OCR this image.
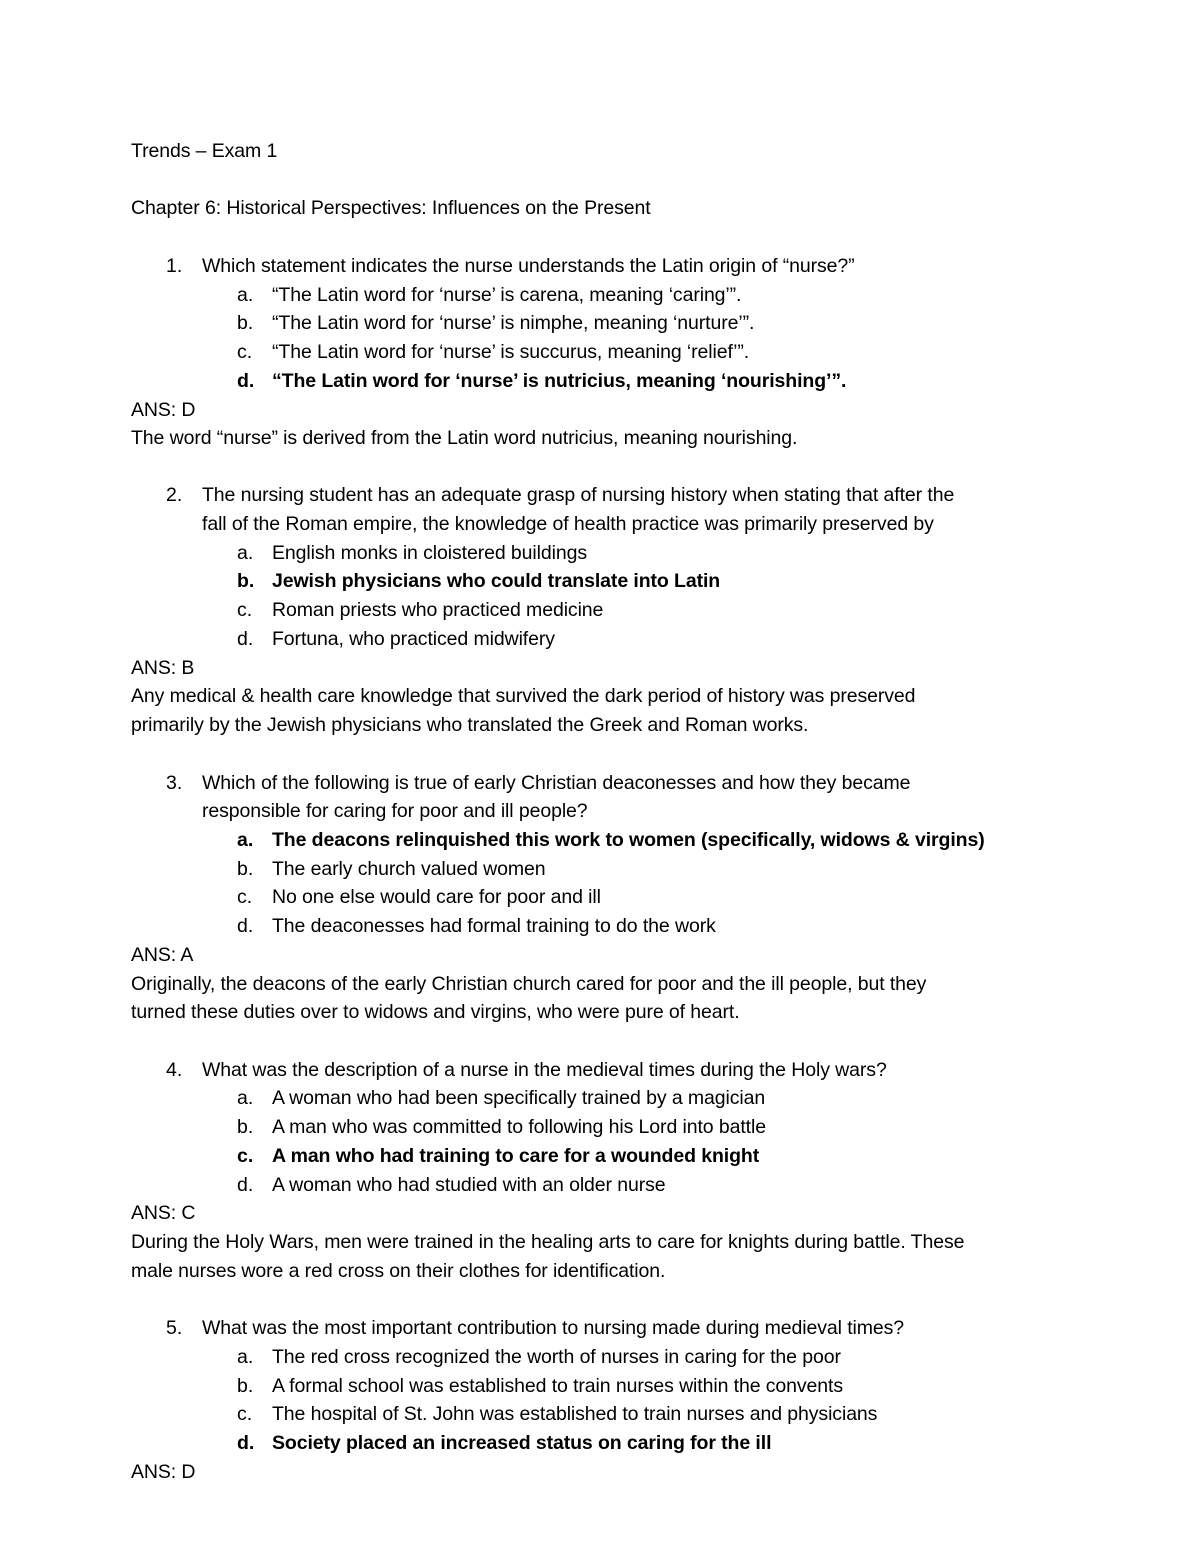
Trends – Exam 1
Chapter 6: Historical Perspectives: Influences on the Present
1. Which statement indicates the nurse understands the Latin origin of “nurse?”
a. “The Latin word for ‘nurse’ is carena, meaning ‘caring’”.
b. “The Latin word for ‘nurse’ is nimphe, meaning ‘nurture’”.
c. “The Latin word for ‘nurse’ is succurus, meaning ‘relief’”.
d. “The Latin word for ‘nurse’ is nutricius, meaning ‘nourishing’”.
ANS: D
The word “nurse” is derived from the Latin word nutricius, meaning nourishing.
2. The nursing student has an adequate grasp of nursing history when stating that after the
fall of the Roman empire, the knowledge of health practice was primarily preserved by
a. English monks in cloistered buildings
b. Jewish physicians who could translate into Latin
c. Roman priests who practiced medicine
d. Fortuna, who practiced midwifery
ANS: B
Any medical & health care knowledge that survived the dark period of history was preserved
primarily by the Jewish physicians who translated the Greek and Roman works.
3. Which of the following is true of early Christian deaconesses and how they became
responsible for caring for poor and ill people?
a. The deacons relinquished this work to women (specifically, widows & virgins)
b. The early church valued women
c. No one else would care for poor and ill
d. The deaconesses had formal training to do the work
ANS: A
Originally, the deacons of the early Christian church cared for poor and the ill people, but they
turned these duties over to widows and virgins, who were pure of heart.
4. What was the description of a nurse in the medieval times during the Holy wars?
a. A woman who had been specifically trained by a magician
b. A man who was committed to following his Lord into battle
c. A man who had training to care for a wounded knight
d. A woman who had studied with an older nurse
ANS: C
During the Holy Wars, men were trained in the healing arts to care for knights during battle. These
male nurses wore a red cross on their clothes for identification.
5. What was the most important contribution to nursing made during medieval times?
a. The red cross recognized the worth of nurses in caring for the poor
b. A formal school was established to train nurses within the convents
c. The hospital of St. John was established to train nurses and physicians
d. Society placed an increased status on caring for the ill
ANS: D
